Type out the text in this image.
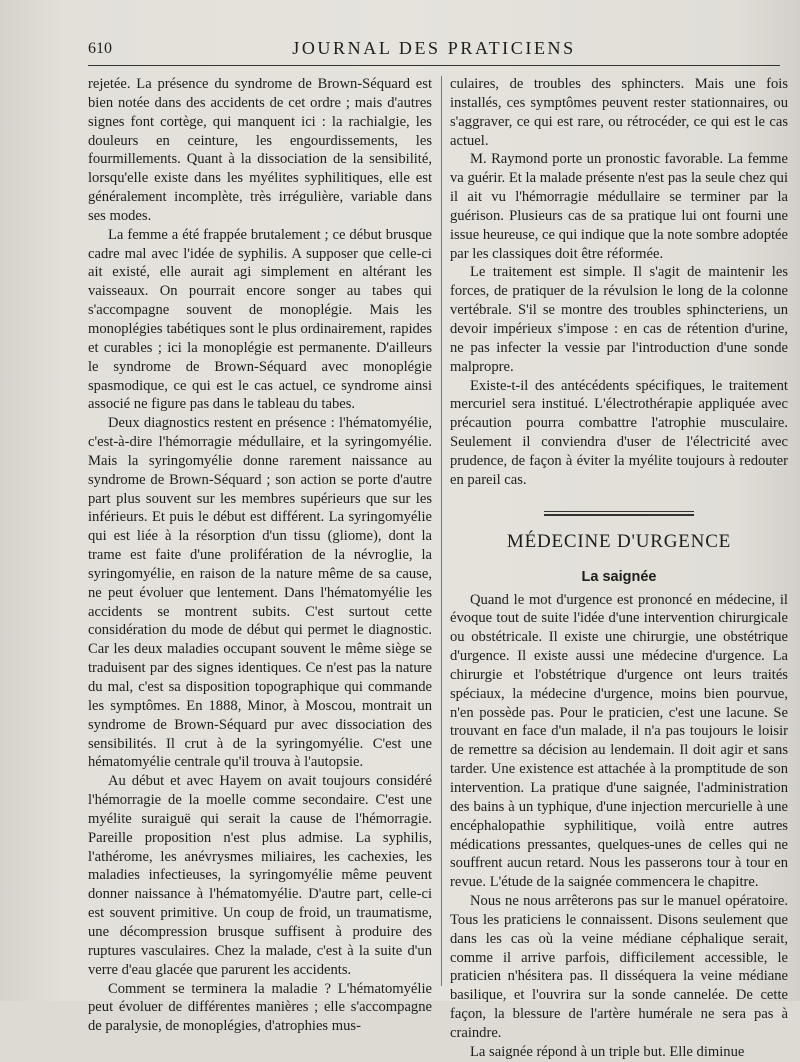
610	JOURNAL DES PRATICIENS

rejetée. La présence du syndrome de Brown-Séquard est bien notée dans des accidents de cet ordre ; mais d'autres signes font cortège, qui manquent ici : la rachialgie, les douleurs en ceinture, les engourdissements, les fourmillements. Quant à la dissociation de la sensibilité, lorsqu'elle existe dans les myélites syphilitiques, elle est généralement incomplète, très irrégulière, variable dans ses modes.

La femme a été frappée brutalement ; ce début brusque cadre mal avec l'idée de syphilis. A supposer que celle-ci ait existé, elle aurait agi simplement en altérant les vaisseaux. On pourrait encore songer au tabes qui s'accompagne souvent de monoplégie. Mais les monoplégies tabétiques sont le plus ordinairement, rapides et curables ; ici la monoplégie est permanente. D'ailleurs le syndrome de Brown-Séquard avec monoplégie spasmodique, ce qui est le cas actuel, ce syndrome ainsi associé ne figure pas dans le tableau du tabes.

Deux diagnostics restent en présence : l'hématomyélie, c'est-à-dire l'hémorragie médullaire, et la syringomyélie. Mais la syringomyélie donne rarement naissance au syndrome de Brown-Séquard ; son action se porte d'autre part plus souvent sur les membres supérieurs que sur les inférieurs. Et puis le début est différent. La syringomyélie qui est liée à la résorption d'un tissu (gliome), dont la trame est faite d'une prolifération de la névroglie, la syringomyélie, en raison de la nature même de sa cause, ne peut évoluer que lentement. Dans l'hématomyélie les accidents se montrent subits. C'est surtout cette considération du mode de début qui permet le diagnostic. Car les deux maladies occupant souvent le même siège se traduisent par des signes identiques. Ce n'est pas la nature du mal, c'est sa disposition topographique qui commande les symptômes. En 1888, Minor, à Moscou, montrait un syndrome de Brown-Séquard pur avec dissociation des sensibilités. Il crut à de la syringomyélie. C'est une hématomyélie centrale qu'il trouva à l'autopsie.

Au début et avec Hayem on avait toujours considéré l'hémorragie de la moelle comme secondaire. C'est une myélite suraiguë qui serait la cause de l'hémorragie. Pareille proposition n'est plus admise. La syphilis, l'athérome, les anévrysmes miliaires, les cachexies, les maladies infectieuses, la syringomyélie même peuvent donner naissance à l'hématomyélie. D'autre part, celle-ci est souvent primitive. Un coup de froid, un traumatisme, une décompression brusque suffisent à produire des ruptures vasculaires. Chez la malade, c'est à la suite d'un verre d'eau glacée que parurent les accidents.

Comment se terminera la maladie ? L'hématomyélie peut évoluer de différentes manières ; elle s'accompagne de paralysie, de monoplégies, d'atrophies mus-

culaires, de troubles des sphincters. Mais une fois installés, ces symptômes peuvent rester stationnaires, ou s'aggraver, ce qui est rare, ou rétrocéder, ce qui est le cas actuel.

M. Raymond porte un pronostic favorable. La femme va guérir. Et la malade présente n'est pas la seule chez qui il ait vu l'hémorragie médullaire se terminer par la guérison. Plusieurs cas de sa pratique lui ont fourni une issue heureuse, ce qui indique que la note sombre adoptée par les classiques doit être réformée.

Le traitement est simple. Il s'agit de maintenir les forces, de pratiquer de la révulsion le long de la colonne vertébrale. S'il se montre des troubles sphincteriens, un devoir impérieux s'impose : en cas de rétention d'urine, ne pas infecter la vessie par l'introduction d'une sonde malpropre.

Existe-t-il des antécédents spécifiques, le traitement mercuriel sera institué. L'électrothérapie appliquée avec précaution pourra combattre l'atrophie musculaire. Seulement il conviendra d'user de l'électricité avec prudence, de façon à éviter la myélite toujours à redouter en pareil cas.

MÉDECINE D'URGENCE
La saignée

Quand le mot d'urgence est prononcé en médecine, il évoque tout de suite l'idée d'une intervention chirurgicale ou obstétricale. Il existe une chirurgie, une obstétrique d'urgence. Il existe aussi une médecine d'urgence. La chirurgie et l'obstétrique d'urgence ont leurs traités spéciaux, la médecine d'urgence, moins bien pourvue, n'en possède pas. Pour le praticien, c'est une lacune. Se trouvant en face d'un malade, il n'a pas toujours le loisir de remettre sa décision au lendemain. Il doit agir et sans tarder. Une existence est attachée à la promptitude de son intervention. La pratique d'une saignée, l'administration des bains à un typhique, d'une injection mercurielle à une encéphalopathie syphilitique, voilà entre autres médications pressantes, quelques-unes de celles qui ne souffrent aucun retard. Nous les passerons tour à tour en revue. L'étude de la saignée commencera le chapitre.

Nous ne nous arrêterons pas sur le manuel opératoire. Tous les praticiens le connaissent. Disons seulement que dans les cas où la veine médiane céphalique serait, comme il arrive parfois, difficilement accessible, le praticien n'hésitera pas. Il disséquera la veine médiane basilique, et l'ouvrira sur la sonde cannelée. De cette façon, la blessure de l'artère humérale ne sera pas à craindre.

La saignée répond à un triple but. Elle diminue
